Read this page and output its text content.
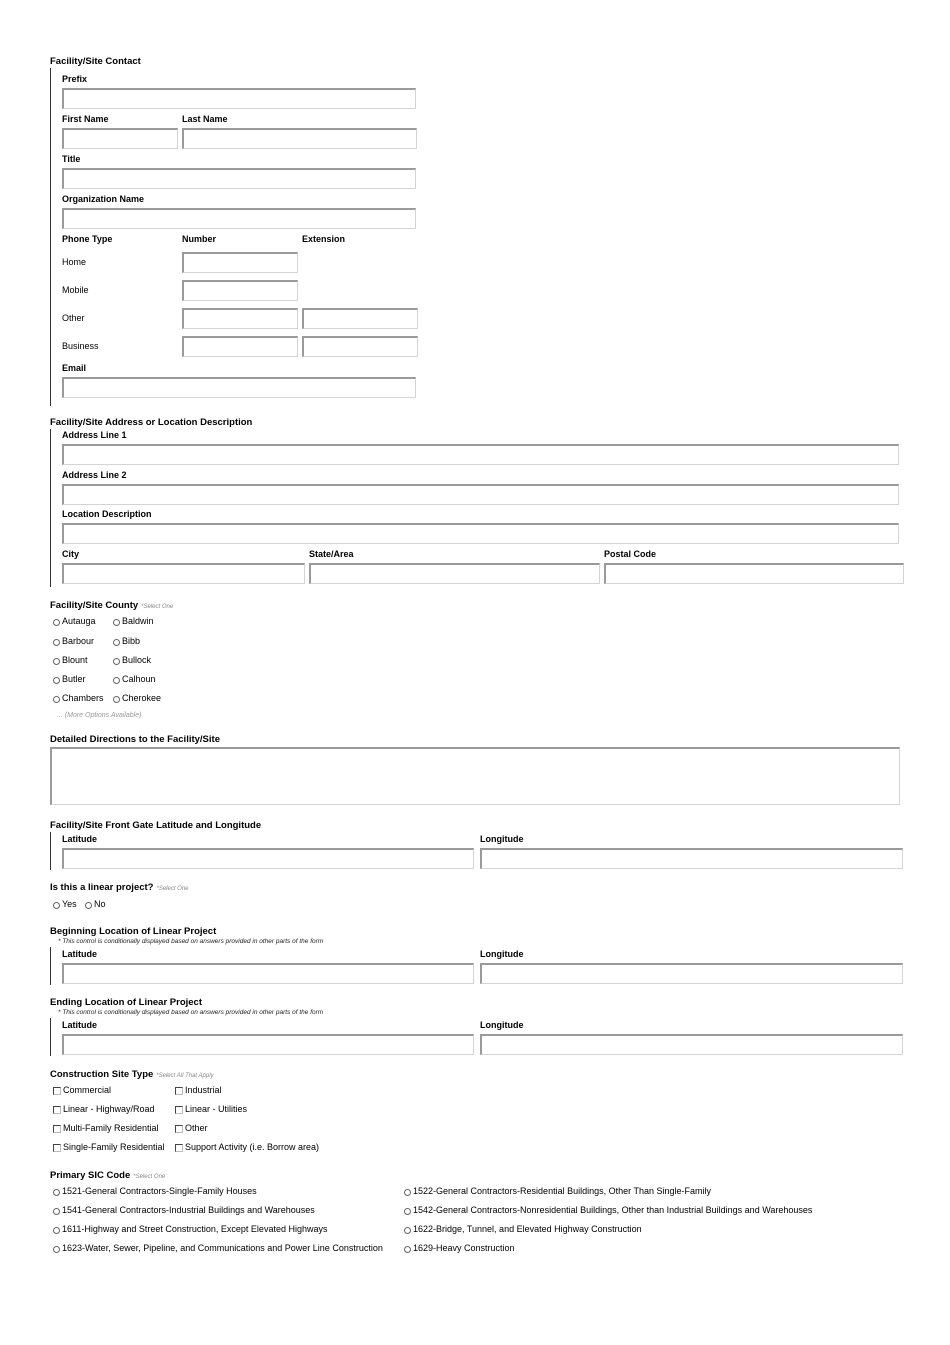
Facility/Site Contact
Prefix
First Name	Last Name
Title
Organization Name
Phone Type	Number	Extension
Home
Mobile
Other
Business
Email
Facility/Site Address or Location Description
Address Line 1
Address Line 2
Location Description
City	State/Area	Postal Code
Facility/Site County *Select One
Autauga	Baldwin
Barbour	Bibb
Blount	Bullock
Butler	Calhoun
Chambers Cherokee
... (More Options Available)
Detailed Directions to the Facility/Site
Facility/Site Front Gate Latitude and Longitude
Latitude	Longitude
Is this a linear project? *Select One
Yes No
Beginning Location of Linear Project
* This control is conditionally displayed based on answers provided in other parts of the form
Latitude	Longitude
Ending Location of Linear Project
* This control is conditionally displayed based on answers provided in other parts of the form
Latitude	Longitude
Construction Site Type *Select All That Apply
Commercial	Industrial
Linear - Highway/Road	Linear - Utilities
Multi-Family Residential	Other
Single-Family Residential Support Activity (i.e. Borrow area)
Primary SIC Code *Select One
1521-General Contractors-Single-Family Houses	1522-General Contractors-Residential Buildings, Other Than Single-Family
1541-General Contractors-Industrial Buildings and Warehouses	1542-General Contractors-Nonresidential Buildings, Other than Industrial Buildings and Warehouses
1611-Highway and Street Construction, Except Elevated Highways	1622-Bridge, Tunnel, and Elevated Highway Construction
1623-Water, Sewer, Pipeline, and Communications and Power Line Construction	1629-Heavy Construction
